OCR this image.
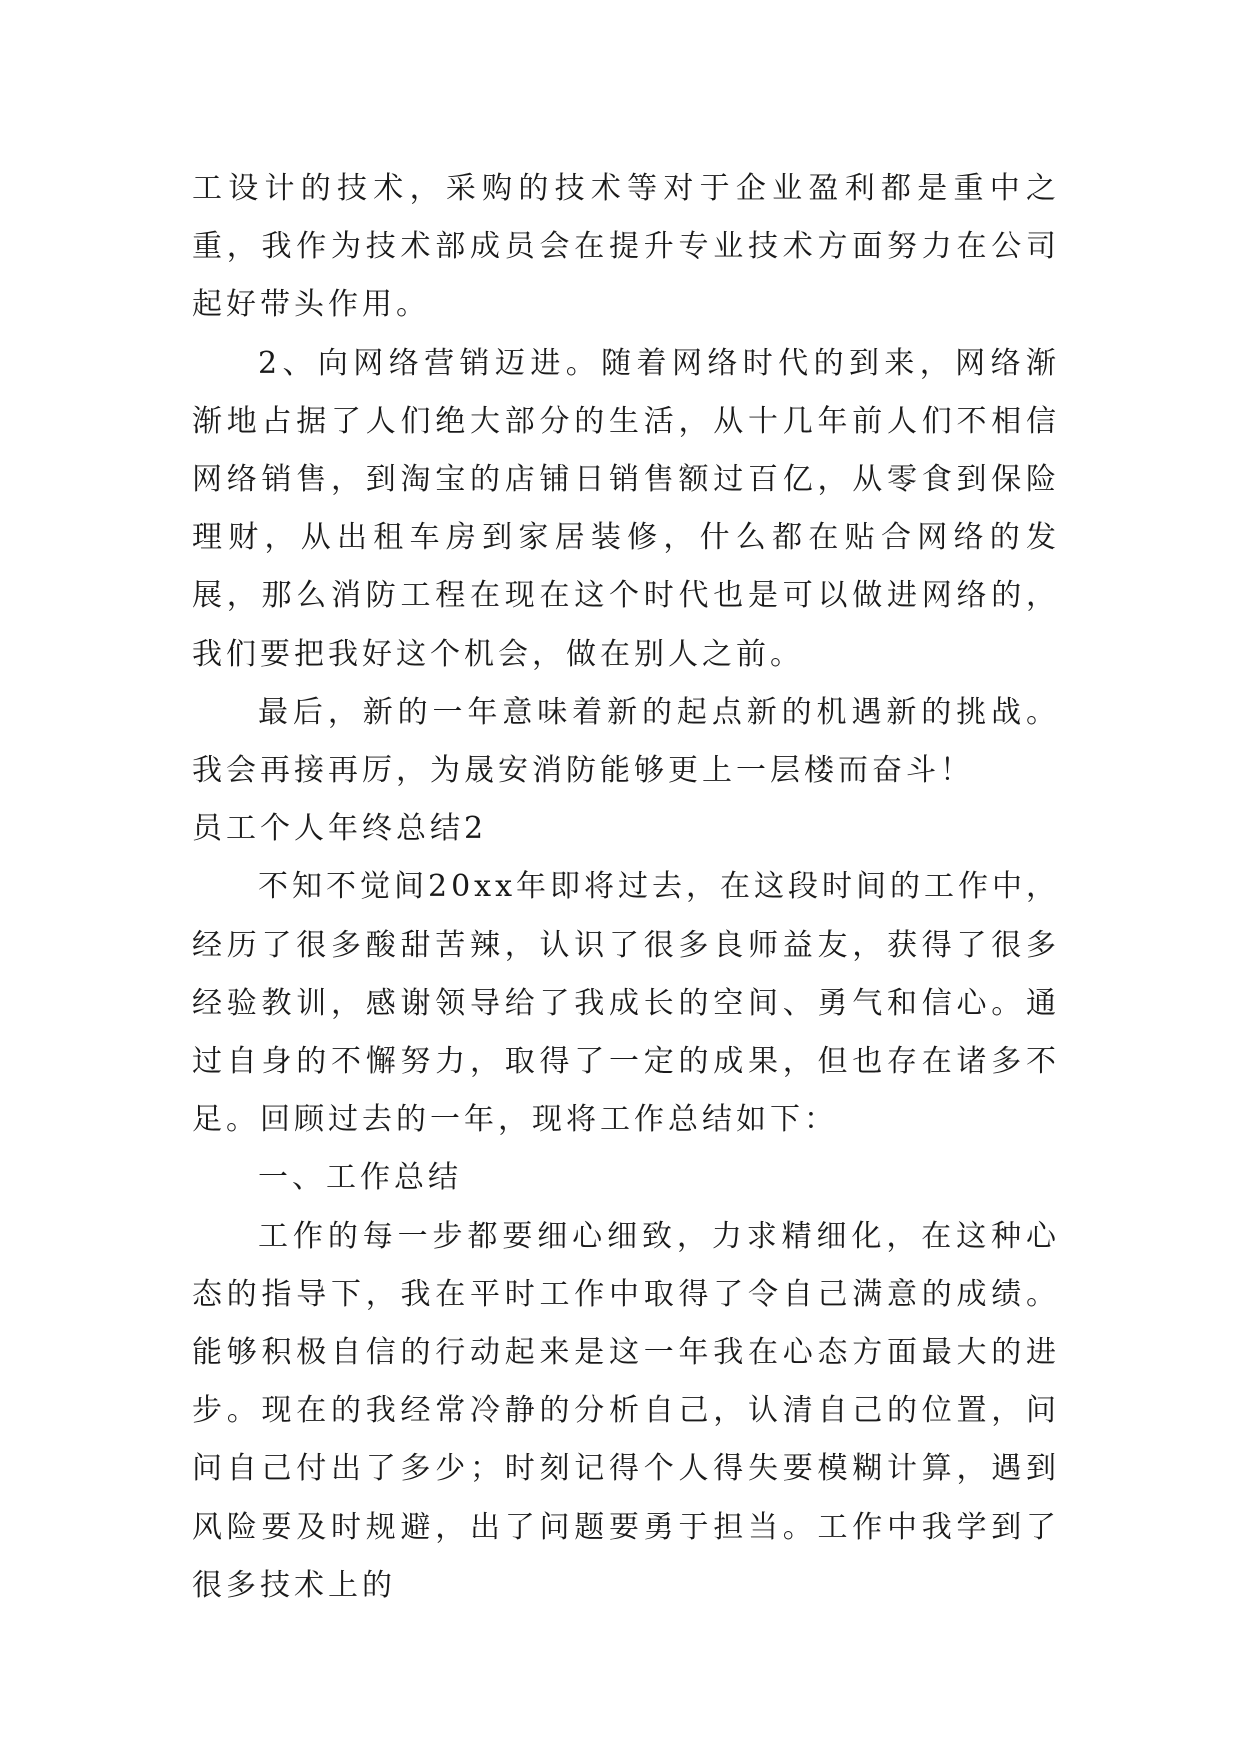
工设计的技术，采购的技术等对于企业盈利都是重中之重，我作为技术部成员会在提升专业技术方面努力在公司起好带头作用。

2、向网络营销迈进。随着网络时代的到来，网络渐渐地占据了人们绝大部分的生活，从十几年前人们不相信网络销售，到淘宝的店铺日销售额过百亿，从零食到保险理财，从出租车房到家居装修，什么都在贴合网络的发展，那么消防工程在现在这个时代也是可以做进网络的，我们要把我好这个机会，做在别人之前。

最后，新的一年意味着新的起点新的机遇新的挑战。我会再接再厉，为晟安消防能够更上一层楼而奋斗！

员工个人年终总结2

不知不觉间20xx年即将过去，在这段时间的工作中，经历了很多酸甜苦辣，认识了很多良师益友，获得了很多经验教训，感谢领导给了我成长的空间、勇气和信心。通过自身的不懈努力，取得了一定的成果，但也存在诸多不足。回顾过去的一年，现将工作总结如下：

一、工作总结

工作的每一步都要细心细致，力求精细化，在这种心态的指导下，我在平时工作中取得了令自己满意的成绩。能够积极自信的行动起来是这一年我在心态方面最大的进步。现在的我经常冷静的分析自己，认清自己的位置，问问自己付出了多少；时刻记得个人得失要模糊计算，遇到风险要及时规避，出了问题要勇于担当。工作中我学到了很多技术上的
